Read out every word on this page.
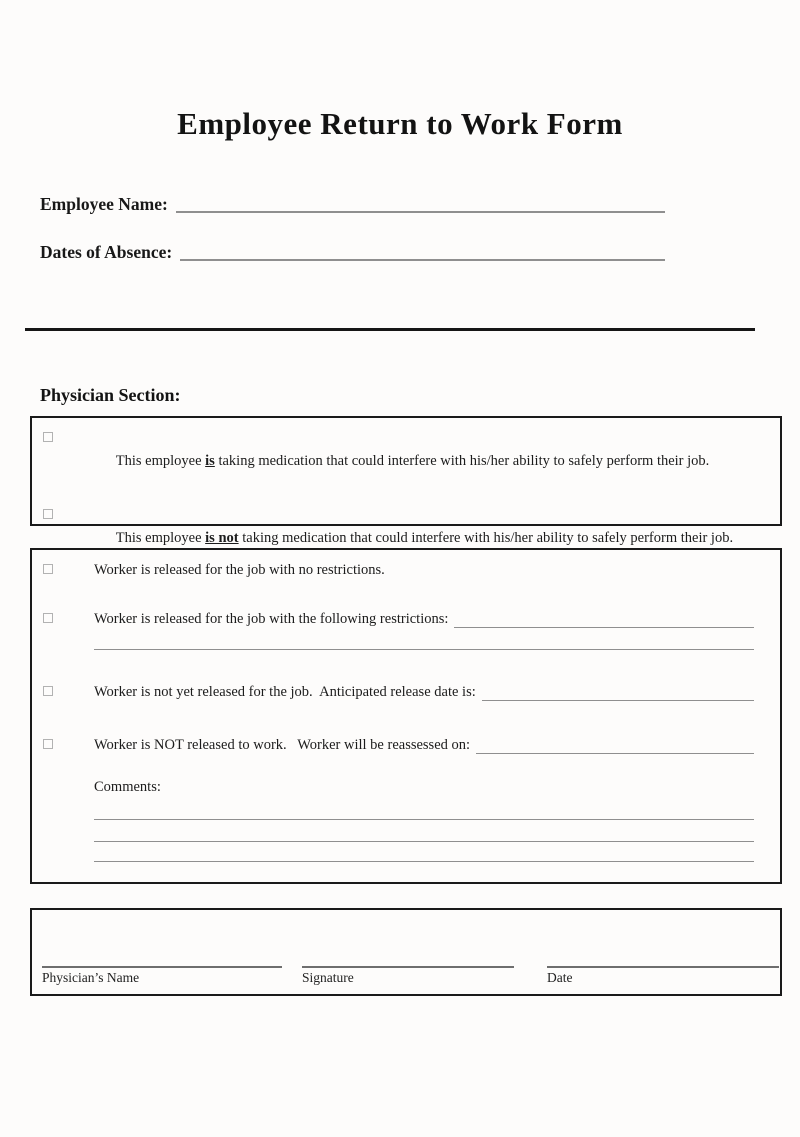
Employee Return to Work Form
Employee Name:
Dates of Absence:
Physician Section:

This employee is taking medication that could interfere with his/her ability to safely perform their job.

This employee is not taking medication that could interfere with his/her ability to safely perform their job.

Worker is released for the job with no restrictions.
Worker is released for the job with the following restrictions:
Worker is not yet released for the job.  Anticipated release date is:
Worker is NOT released to work.   Worker will be reassessed on:
Comments:
Physician’s Name	Signature	Date
